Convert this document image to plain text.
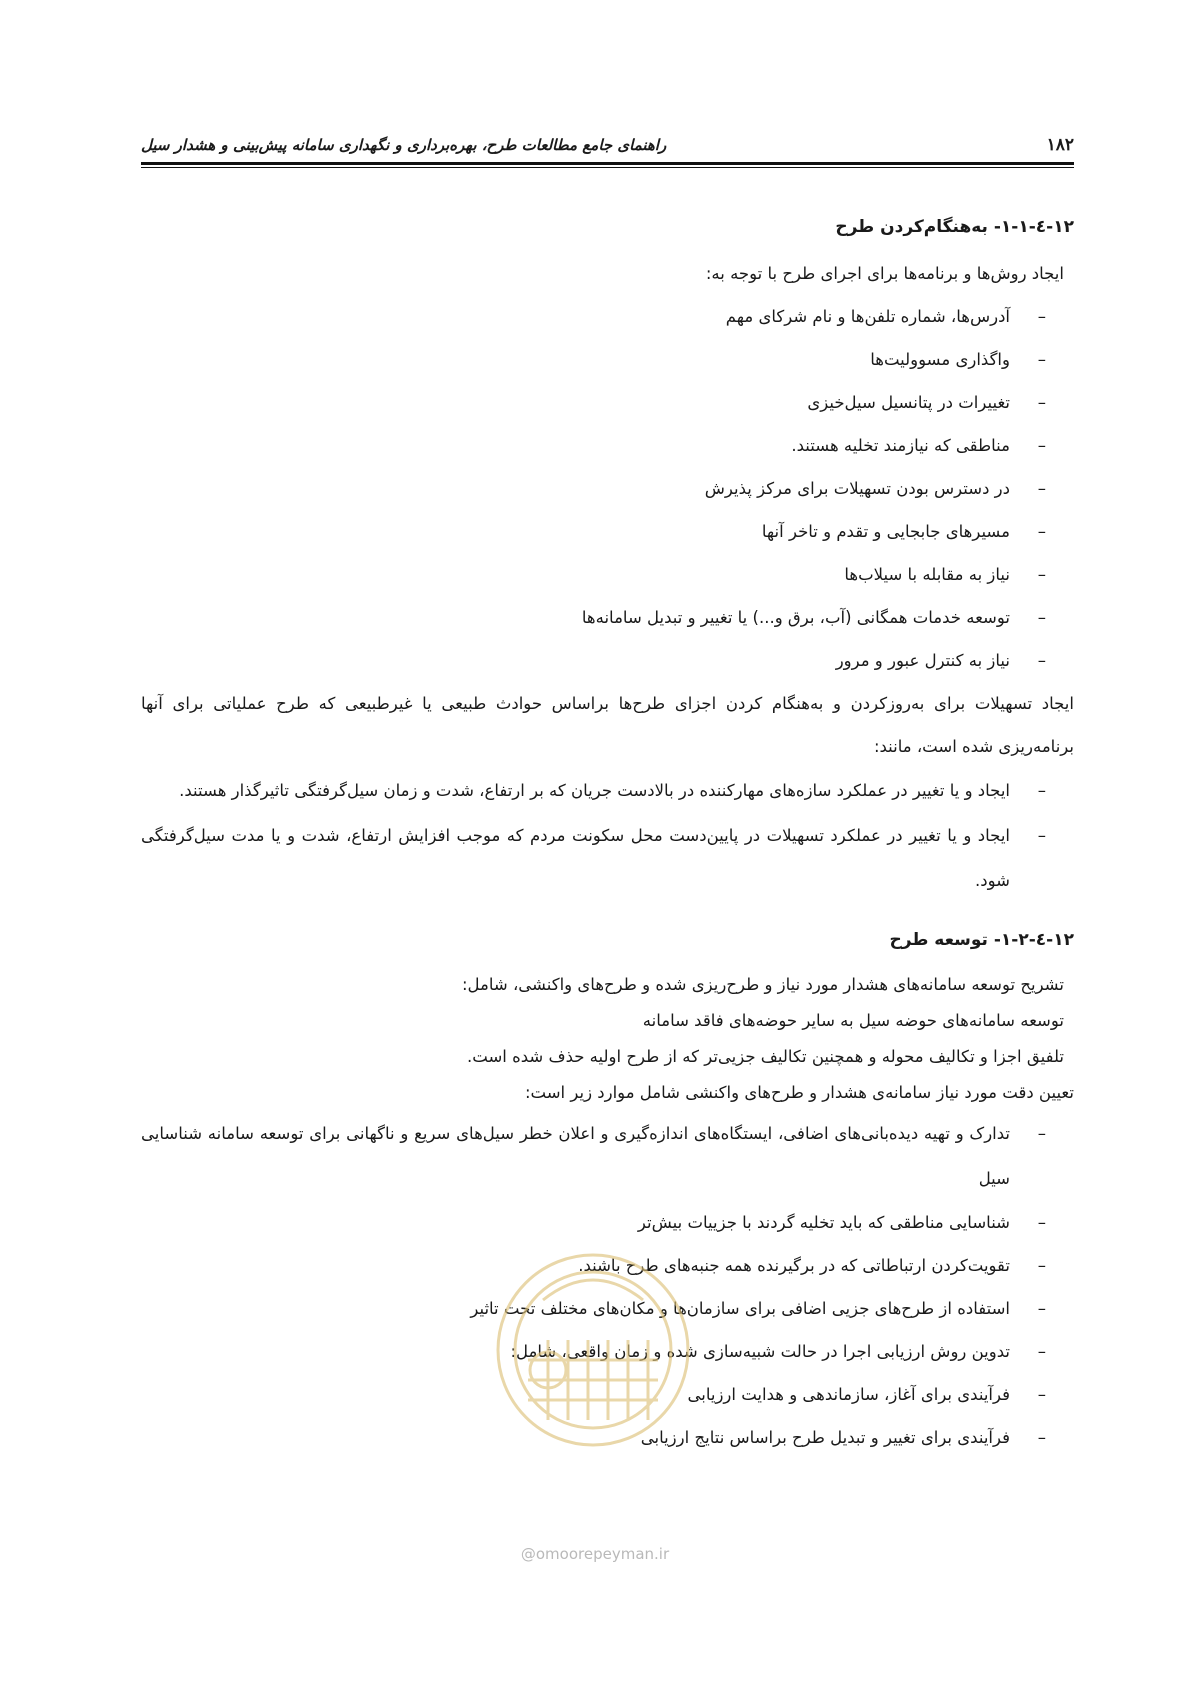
۱۸۲
راهنمای جامع مطالعات طرح، بهره‌برداری و نگهداری سامانه پیش‌بینی و هشدار سیل
۱۲-٤-۱-۱- به‌هنگام‌کردن طرح

ایجاد روش‌ها و برنامه‌ها برای اجرای طرح با توجه به:

–
آدرس‌ها، شماره تلفن‌ها و نام شرکای مهم
–
واگذاری مسوولیت‌ها
–
تغییرات در پتانسیل سیل‌خیزی
–
مناطقی که نیازمند تخلیه هستند.
–
در دسترس بودن تسهیلات برای مرکز پذیرش
–
مسیرهای جابجایی و تقدم و تاخر آنها
–
نیاز به مقابله با سیلاب‌ها
–
توسعه خدمات همگانی (آب، برق و...) یا تغییر و تبدیل سامانه‌ها
–
نیاز به کنترل عبور و مرور

ایجاد تسهیلات برای به‌روزکردن و به‌هنگام کردن اجزای طرح‌ها براساس حوادث طبیعی یا غیرطبیعی که طرح عملیاتی برای آنها برنامه‌ریزی شده است، مانند:

–
ایجاد و یا تغییر در عملکرد سازه‌های مهارکننده در بالادست جریان که بر ارتفاع، شدت و زمان سیل‌گرفتگی تاثیرگذار هستند.
–
ایجاد و یا تغییر در عملکرد تسهیلات در پایین‌دست محل سکونت مردم که موجب افزایش ارتفاع، شدت و یا مدت سیل‌گرفتگی شود.
۱۲-٤-۱-۲- توسعه طرح

تشریح توسعه سامانه‌های هشدار مورد نیاز و طرح‌ریزی شده و طرح‌های واکنشی، شامل:

توسعه سامانه‌های حوضه سیل به سایر حوضه‌های فاقد سامانه

تلفیق اجزا و تکالیف محوله و همچنین تکالیف جزیی‌تر که از طرح اولیه حذف شده است.

تعیین دقت مورد نیاز سامانه‌ی هشدار و طرح‌های واکنشی شامل موارد زیر است:

–
تدارک و تهیه دیده‌بانی‌های اضافی، ایستگاه‌های اندازه‌گیری و اعلان خطر سیل‌های سریع و ناگهانی برای توسعه سامانه شناسایی سیل
–
شناسایی مناطقی که باید تخلیه گردند با جزییات بیش‌تر
–
تقویت‌کردن ارتباطاتی که در برگیرنده همه جنبه‌های طرح باشند.
–
استفاده از طرح‌های جزیی اضافی برای سازمان‌ها و مکان‌های مختلف تحت تاثیر
–
تدوین روش ارزیابی اجرا در حالت شبیه‌سازی شده و زمان واقعی، شامل:
–
فرآیندی برای آغاز، سازماندهی و هدایت ارزیابی
–
فرآیندی برای تغییر و تبدیل طرح براساس نتایج ارزیابی
@omoorepeyman.ir
